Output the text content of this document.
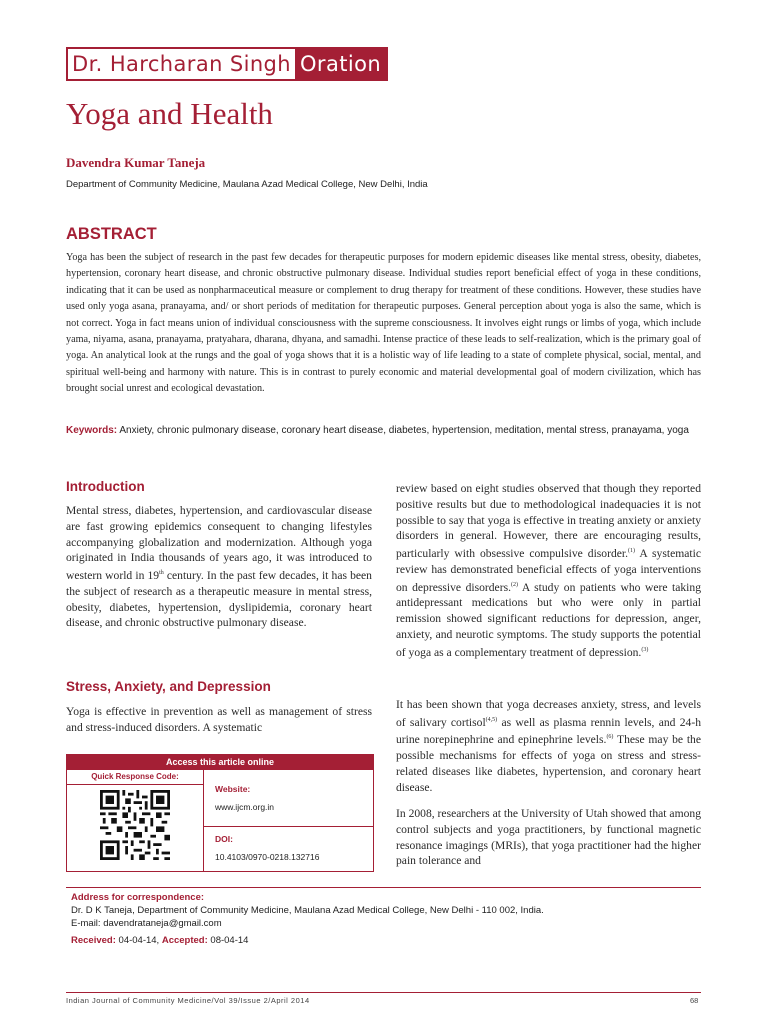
Dr. Harcharan Singh Oration
Yoga and Health
Davendra Kumar Taneja
Department of Community Medicine, Maulana Azad Medical College, New Delhi, India
ABSTRACT
Yoga has been the subject of research in the past few decades for therapeutic purposes for modern epidemic diseases like mental stress, obesity, diabetes, hypertension, coronary heart disease, and chronic obstructive pulmonary disease. Individual studies report beneficial effect of yoga in these conditions, indicating that it can be used as nonpharmaceutical measure or complement to drug therapy for treatment of these conditions. However, these studies have used only yoga asana, pranayama, and/ or short periods of meditation for therapeutic purposes. General perception about yoga is also the same, which is not correct. Yoga in fact means union of individual consciousness with the supreme consciousness. It involves eight rungs or limbs of yoga, which include yama, niyama, asana, pranayama, pratyahara, dharana, dhyana, and samadhi. Intense practice of these leads to self-realization, which is the primary goal of yoga. An analytical look at the rungs and the goal of yoga shows that it is a holistic way of life leading to a state of complete physical, social, mental, and spiritual well-being and harmony with nature. This is in contrast to purely economic and material developmental goal of modern civilization, which has brought social unrest and ecological devastation.
Keywords: Anxiety, chronic pulmonary disease, coronary heart disease, diabetes, hypertension, meditation, mental stress, pranayama, yoga
Introduction
Mental stress, diabetes, hypertension, and cardiovascular disease are fast growing epidemics consequent to changing lifestyles accompanying globalization and modernization. Although yoga originated in India thousands of years ago, it was introduced to western world in 19th century. In the past few decades, it has been the subject of research as a therapeutic measure in mental stress, obesity, diabetes, hypertension, dyslipidemia, coronary heart disease, and chronic obstructive pulmonary disease.
Stress, Anxiety, and Depression
Yoga is effective in prevention as well as management of stress and stress-induced disorders. A systematic
Access this article online
Quick Response Code:
Website:
www.ijcm.org.in
DOI:
10.4103/0970-0218.132716
review based on eight studies observed that though they reported positive results but due to methodological inadequacies it is not possible to say that yoga is effective in treating anxiety or anxiety disorders in general. However, there are encouraging results, particularly with obsessive compulsive disorder.$^{(1)}$ A systematic review has demonstrated beneficial effects of yoga interventions on depressive disorders.$^{(2)}$ A study on patients who were taking antidepressant medications but who were only in partial remission showed significant reductions for depression, anger, anxiety, and neurotic symptoms. The study supports the potential of yoga as a complementary treatment of depression.$^{(3)}$
It has been shown that yoga decreases anxiety, stress, and levels of salivary cortisol$^{(4,5)}$ as well as plasma rennin levels, and 24-h urine norepinephrine and epinephrine levels.$^{(6)}$ These may be the possible mechanisms for effects of yoga on stress and stress-related diseases like diabetes, hypertension, and coronary heart disease.
In 2008, researchers at the University of Utah showed that among control subjects and yoga practitioners, by functional magnetic resonance imagings (MRIs), that yoga practitioner had the higher pain tolerance and
Address for correspondence:
Dr. D K Taneja, Department of Community Medicine, Maulana Azad Medical College, New Delhi - 110 002, India.
E-mail: davendrataneja@gmail.com
Received: 04-04-14, Accepted: 08-04-14
Indian Journal of Community Medicine/Vol 39/Issue 2/April 2014	68
